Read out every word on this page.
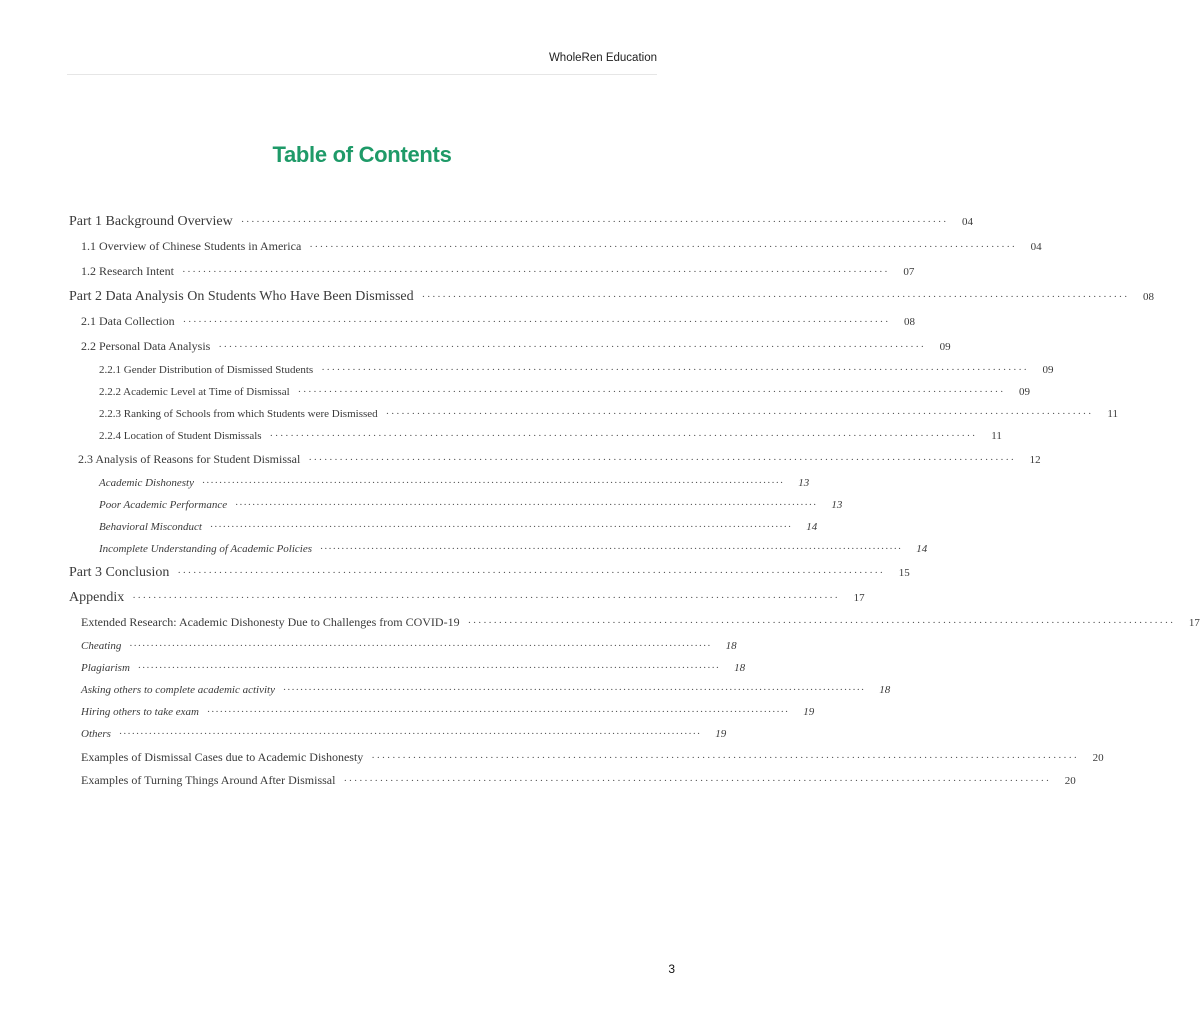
WholeRen Education
Table of Contents
Part 1 Background Overview ·········································································································································	04
1.1 Overview of Chinese Students in America ·········································································································································	04
1.2 Research Intent ·········································································································································	07
Part 2 Data Analysis On Students Who Have Been Dismissed ·········································································································································	08
2.1 Data Collection ·········································································································································	08
2.2 Personal Data Analysis ·········································································································································	09
2.2.1 Gender Distribution of Dismissed Students ·········································································································································	09
2.2.2 Academic Level at Time of Dismissal ·········································································································································	09
2.2.3 Ranking of Schools from which Students were Dismissed ·········································································································································	11
2.2.4 Location of Student Dismissals ·········································································································································	11
2.3 Analysis of Reasons for Student Dismissal ·········································································································································	12
Academic Dishonesty ·········································································································································	13
Poor Academic Performance ·········································································································································	13
Behavioral Misconduct ·········································································································································	14
Incomplete Understanding of Academic Policies ·········································································································································	14
Part 3 Conclusion ·········································································································································	15
Appendix ·········································································································································	17
Extended Research: Academic Dishonesty Due to Challenges from COVID-19 ·········································································································································	17
Cheating ·········································································································································	18
Plagiarism ·········································································································································	18
Asking others to complete academic activity ·········································································································································	18
Hiring others to take exam ·········································································································································	19
Others ·········································································································································	19
Examples of Dismissal Cases due to Academic Dishonesty ·········································································································································	20
Examples of Turning Things Around After Dismissal ·········································································································································	20
3
